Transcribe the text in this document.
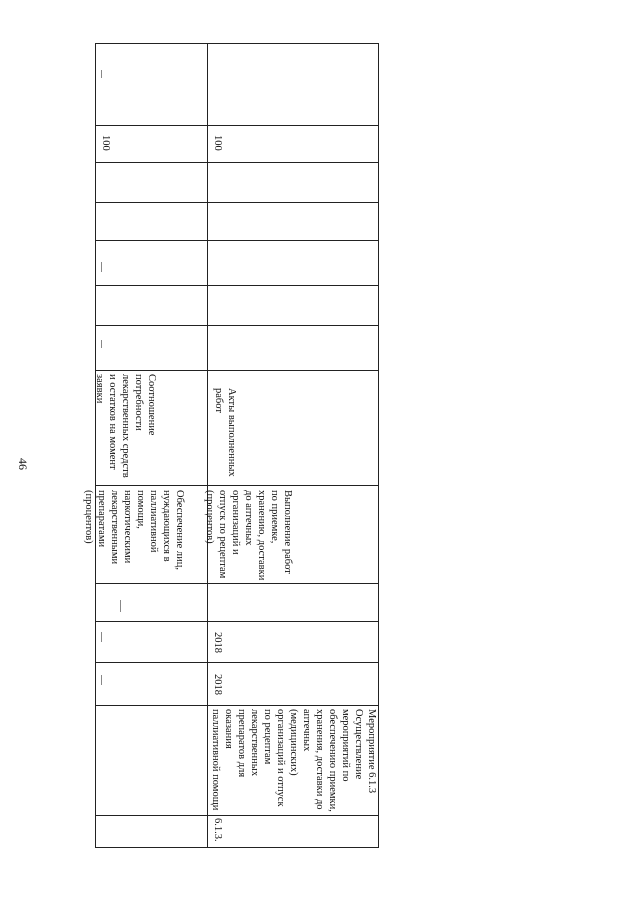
46
100
Соотношение
потребности
лекарственных средств
и остатков на момент
заявки
Обеспечение лиц,
нуждающихся в
паллиативной
помощи,
наркотическими
лекарственными
препаратами
(процентов)
100
Акты выполненных
работ
Выполнение работ
по приемке,
хранению, доставки
до аптечных
организаций и
отпуск по рецептам
(процентов)
2018
2018
Мероприятие 6.1.3
Осуществление
мероприятий по
обеспечению приемки,
хранения, доставки до
аптечных
(медицинских)
организаций и отпуск
по рецептам
лекарственных
препаратов для
оказания
паллиативной помощи
6.1.3.
